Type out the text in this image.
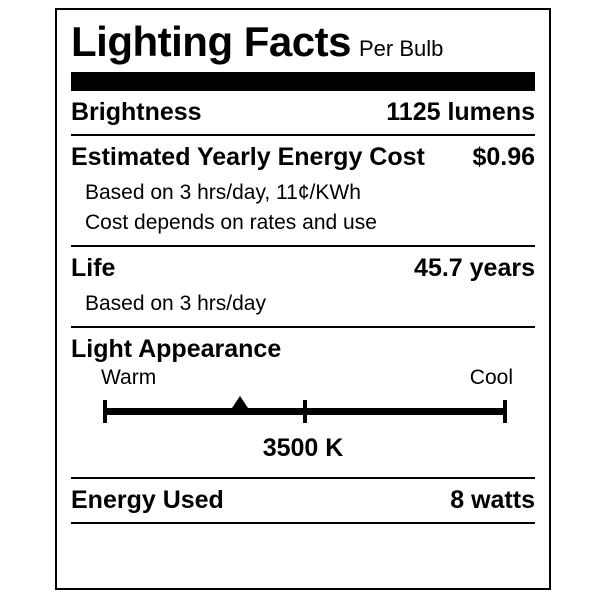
Lighting Facts Per Bulb
Brightness	1125 lumens
Estimated Yearly Energy Cost $0.96
Based on 3 hrs/day, 11¢/KWh
Cost depends on rates and use
Life	45.7 years
Based on 3 hrs/day
Light Appearance
Warm	Cool
3500 K
Energy Used	8 watts
